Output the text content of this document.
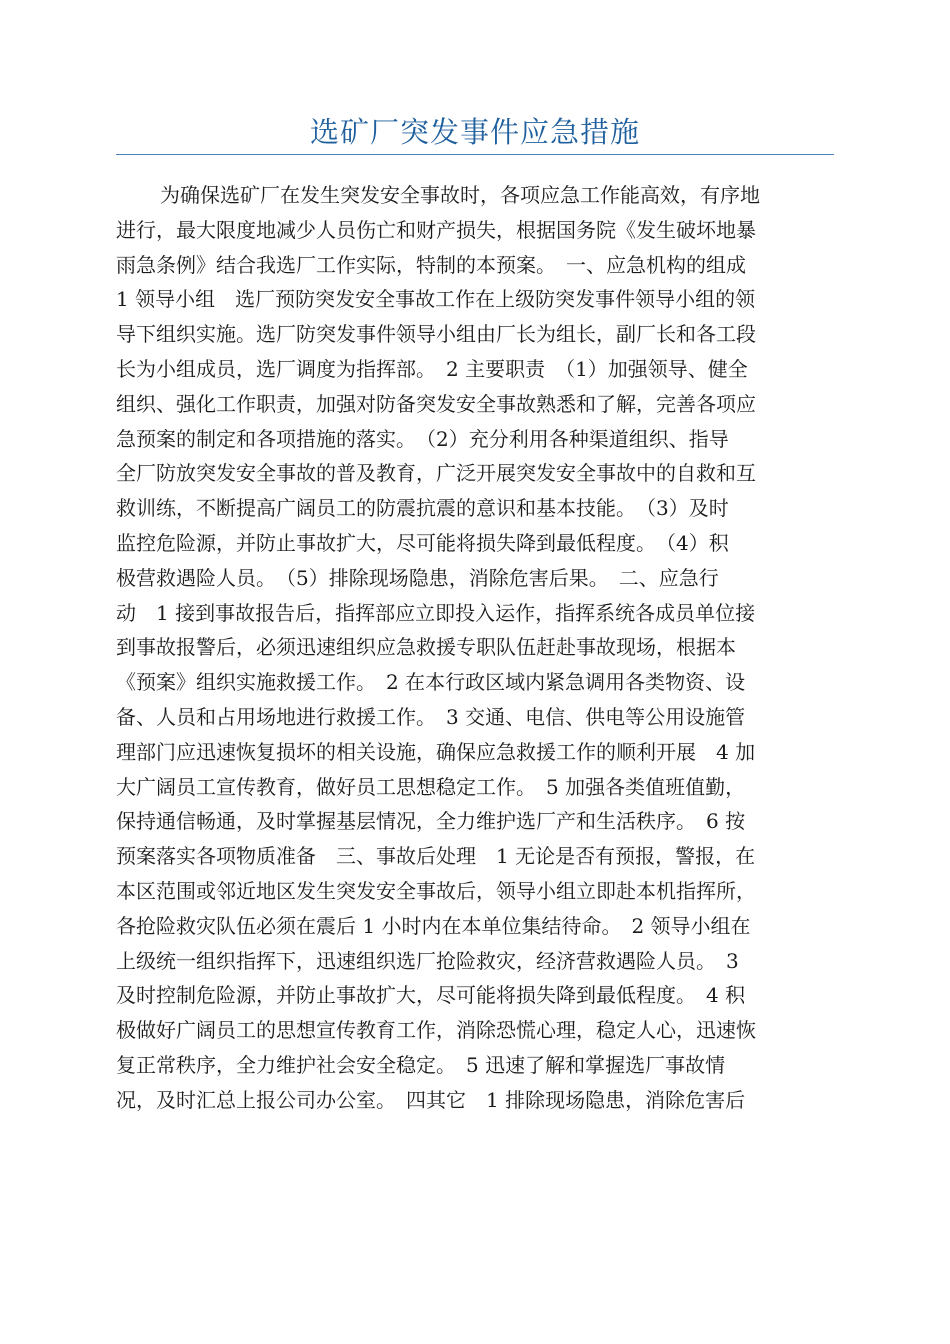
选矿厂突发事件应急措施
为确保选矿厂在发生突发安全事故时，各项应急工作能高效，有序地
进行，最大限度地减少人员伤亡和财产损失，根据国务院《发生破坏地暴
雨急条例》结合我选厂工作实际，特制的本预案。　一、应急机构的组成
1 领导小组　选厂预防突发安全事故工作在上级防突发事件领导小组的领
导下组织实施。选厂防突发事件领导小组由厂长为组长，副厂长和各工段
长为小组成员，选厂调度为指挥部。　2 主要职责　（1）加强领导、健全
组织、强化工作职责，加强对防备突发安全事故熟悉和了解，完善各项应
急预案的制定和各项措施的落实。　（2）充分利用各种渠道组织、指导
全厂防放突发安全事故的普及教育，广泛开展突发安全事故中的自救和互
救训练，不断提高广阔员工的防震抗震的意识和基本技能。　（3）及时
监控危险源，并防止事故扩大，尽可能将损失降到最低程度。　（4）积
极营救遇险人员。　（5）排除现场隐患，消除危害后果。　二、应急行
动　1 接到事故报告后，指挥部应立即投入运作，指挥系统各成员单位接
到事故报警后，必须迅速组织应急救援专职队伍赶赴事故现场，根据本
《预案》组织实施救援工作。　2 在本行政区域内紧急调用各类物资、设
备、人员和占用场地进行救援工作。　3 交通、电信、供电等公用设施管
理部门应迅速恢复损坏的相关设施，确保应急救援工作的顺利开展　4 加
大广阔员工宣传教育，做好员工思想稳定工作。　5 加强各类值班值勤，
保持通信畅通，及时掌握基层情况，全力维护选厂产和生活秩序。　6 按
预案落实各项物质准备　三、事故后处理　1 无论是否有预报，警报，在
本区范围或邻近地区发生突发安全事故后，领导小组立即赴本机指挥所，
各抢险救灾队伍必须在震后 1 小时内在本单位集结待命。　2 领导小组在
上级统一组织指挥下，迅速组织选厂抢险救灾，经济营救遇险人员。　3
及时控制危险源，并防止事故扩大，尽可能将损失降到最低程度。　4 积
极做好广阔员工的思想宣传教育工作，消除恐慌心理，稳定人心，迅速恢
复正常秩序，全力维护社会安全稳定。　5 迅速了解和掌握选厂事故情
况，及时汇总上报公司办公室。　四其它　1 排除现场隐患，消除危害后
